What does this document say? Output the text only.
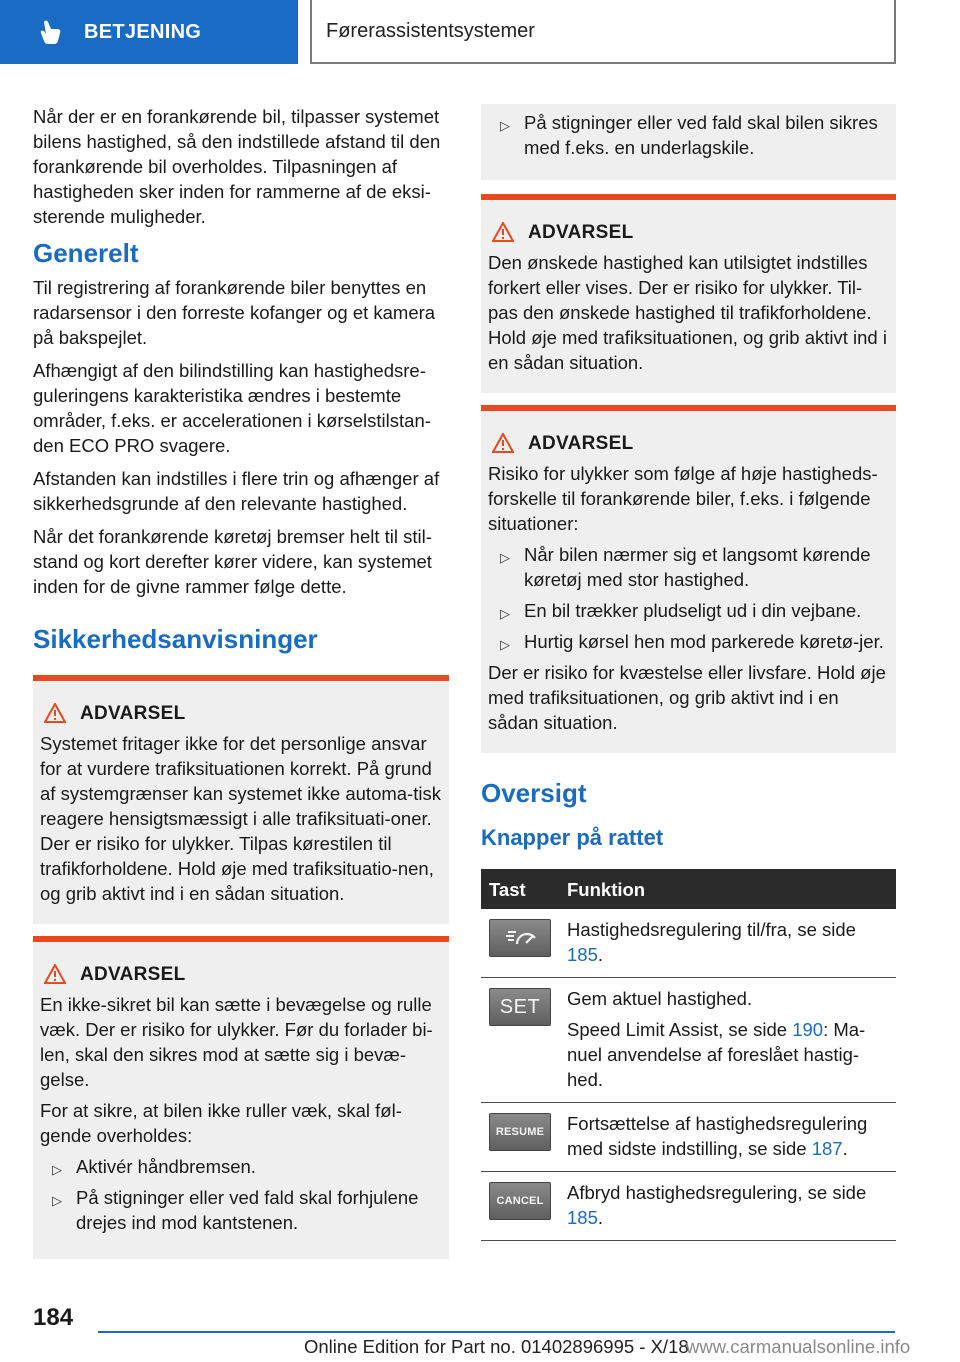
BETJENING	Førerassistentsystemer

Når der er en forankørende bil, tilpasser systemet bilens hastighed, så den indstillede afstand til den forankørende bil overholdes. Tilpasningen af hastigheden sker inden for rammerne af de eksi-sterende muligheder.

Generelt

Til registrering af forankørende biler benyttes en radarsensor i den forreste kofanger og et kamera på bakspejlet.

Afhængigt af den bilindstilling kan hastighedsre-guleringens karakteristika ændres i bestemte områder, f.eks. er accelerationen i kørselstilstan-den ECO PRO svagere.

Afstanden kan indstilles i flere trin og afhænger af sikkerhedsgrunde af den relevante hastighed.

Når det forankørende køretøj bremser helt til stil-stand og kort derefter kører videre, kan systemet inden for de givne rammer følge dette.

Sikkerhedsanvisninger
ADVARSEL

Systemet fritager ikke for det personlige ansvar for at vurdere trafiksituationen korrekt. På grund af systemgrænser kan systemet ikke automa-tisk reagere hensigtsmæssigt i alle trafiksituati-oner. Der er risiko for ulykker. Tilpas kørestilen til trafikforholdene. Hold øje med trafiksituatio-nen, og grib aktivt ind i en sådan situation.

ADVARSEL

En ikke-sikret bil kan sætte i bevægelse og rulle væk. Der er risiko for ulykker. Før du forlader bi-len, skal den sikres mod at sætte sig i bevæ-gelse.

For at sikre, at bilen ikke ruller væk, skal føl-gende overholdes:

▷ Aktivér håndbremsen.
▷ På stigninger eller ved fald skal forhjulene drejes ind mod kantstenen.
▷ På stigninger eller ved fald skal bilen sikres med f.eks. en underlagskile.
ADVARSEL

Den ønskede hastighed kan utilsigtet indstilles forkert eller vises. Der er risiko for ulykker. Til-pas den ønskede hastighed til trafikforholdene. Hold øje med trafiksituationen, og grib aktivt ind i en sådan situation.

ADVARSEL

Risiko for ulykker som følge af høje hastigheds-forskelle til forankørende biler, f.eks. i følgende situationer:

▷ Når bilen nærmer sig et langsomt kørende køretøj med stor hastighed.
▷ En bil trækker pludseligt ud i din vejbane.
▷ Hurtig kørsel hen mod parkerede køretø-jer.

Der er risiko for kvæstelse eller livsfare. Hold øje med trafiksituationen, og grib aktivt ind i en sådan situation.

Oversigt
Knapper på rattet
Tast	Funktion

Hastighedsregulering til/fra, se side 185.

SET	Gem aktuel hastighed.

Speed Limit Assist, se side 190: Ma-nuel anvendelse af foreslået hastig-hed.

RESUME	Fortsættelse af hastighedsregulering med sidste indstilling, se side 187.

CANCEL	Afbryd hastighedsregulering, se side 185.

184
Online Edition for Part no. 01402896995 - X/18
www.carmanualsonline.info
